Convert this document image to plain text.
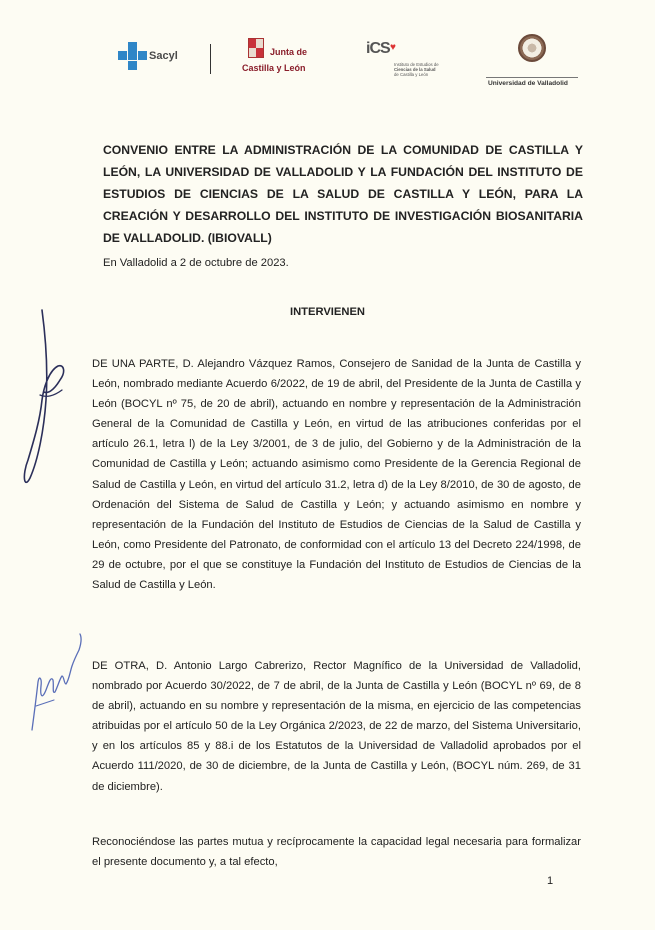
Sacyl	Junta de
Castilla y León
iCS ♥
Instituto de Estudios de
Ciencias de la Salud
de Castilla y León
Universidad de Valladolid

CONVENIO ENTRE LA ADMINISTRACIÓN DE LA COMUNIDAD DE CASTILLA Y LEÓN, LA UNIVERSIDAD DE VALLADOLID Y LA FUNDACIÓN DEL INSTITUTO DE ESTUDIOS DE CIENCIAS DE LA SALUD DE CASTILLA Y LEÓN, PARA LA CREACIÓN Y DESARROLLO DEL INSTITUTO DE INVESTIGACIÓN BIOSANITARIA DE VALLADOLID. (IBIOVALL)

En Valladolid a 2 de octubre de 2023.

INTERVIENEN

DE UNA PARTE, D. Alejandro Vázquez Ramos, Consejero de Sanidad de la Junta de Castilla y León, nombrado mediante Acuerdo 6/2022, de 19 de abril, del Presidente de la Junta de Castilla y León (BOCYL nº 75, de 20 de abril), actuando en nombre y representación de la Administración General de la Comunidad de Castilla y León, en virtud de las atribuciones conferidas por el artículo 26.1, letra l) de la Ley 3/2001, de 3 de julio, del Gobierno y de la Administración de la Comunidad de Castilla y León; actuando asimismo como Presidente de la Gerencia Regional de Salud de Castilla y León, en virtud del artículo 31.2, letra d) de la Ley 8/2010, de 30 de agosto, de Ordenación del Sistema de Salud de Castilla y León; y actuando asimismo en nombre y representación de la Fundación del Instituto de Estudios de Ciencias de la Salud de Castilla y León, como Presidente del Patronato, de conformidad con el artículo 13 del Decreto 224/1998, de 29 de octubre, por el que se constituye la Fundación del Instituto de Estudios de Ciencias de la Salud de Castilla y León.

DE OTRA, D. Antonio Largo Cabrerizo, Rector Magnífico de la Universidad de Valladolid, nombrado por Acuerdo 30/2022, de 7 de abril, de la Junta de Castilla y León (BOCYL nº 69, de 8 de abril), actuando en su nombre y representación de la misma, en ejercicio de las competencias atribuidas por el artículo 50 de la Ley Orgánica 2/2023, de 22 de marzo, del Sistema Universitario, y en los artículos 85 y 88.i de los Estatutos de la Universidad de Valladolid aprobados por el Acuerdo 111/2020, de 30 de diciembre, de la Junta de Castilla y León, (BOCYL núm. 269, de 31 de diciembre).

Reconociéndose las partes mutua y recíprocamente la capacidad legal necesaria para formalizar el presente documento y, a tal efecto,

1
